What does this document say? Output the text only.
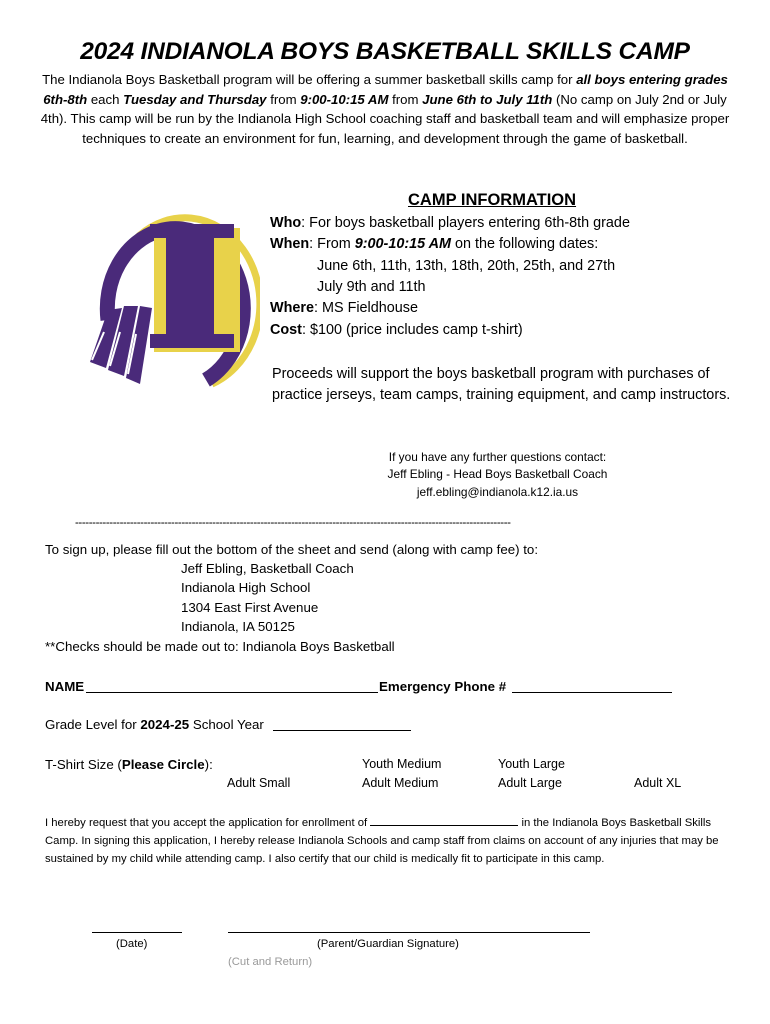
2024 INDIANOLA BOYS BASKETBALL SKILLS CAMP
The Indianola Boys Basketball program will be offering a summer basketball skills camp for all boys entering grades 6th-8th each Tuesday and Thursday from 9:00-10:15 AM from June 6th to July 11th (No camp on July 2nd or July 4th). This camp will be run by the Indianola High School coaching staff and basketball team and will emphasize proper techniques to create an environment for fun, learning, and development through the game of basketball.
CAMP INFORMATION
Who: For boys basketball players entering 6th-8th grade
When: From 9:00-10:15 AM on the following dates:
June 6th, 11th, 13th, 18th, 20th, 25th, and 27th
July 9th and 11th
Where: MS Fieldhouse
Cost: $100 (price includes camp t-shirt)
Proceeds will support the boys basketball program with purchases of practice jerseys, team camps, training equipment, and camp instructors.
If you have any further questions contact:
Jeff Ebling - Head Boys Basketball Coach
jeff.ebling@indianola.k12.ia.us
-------------------------------------------------------------------------------------------------------------------------------
To sign up, please fill out the bottom of the sheet and send (along with camp fee) to:
Jeff Ebling, Basketball Coach
Indianola High School
1304 East First Avenue
Indianola, IA 50125
**Checks should be made out to: Indianola Boys Basketball
NAME	Emergency Phone #
Grade Level for 2024-25 School Year
T-Shirt Size (Please Circle):	Youth Medium	Youth Large
Adult Small	Adult Medium	Adult Large	Adult XL
I hereby request that you accept the application for enrollment of	in the Indianola Boys Basketball Skills Camp. In signing this application, I hereby release Indianola Schools and camp staff from claims on account of any injuries that may be sustained by my child while attending camp. I also certify that our child is medically fit to participate in this camp.
(Date)	(Parent/Guardian Signature)
(Cut and Return)
